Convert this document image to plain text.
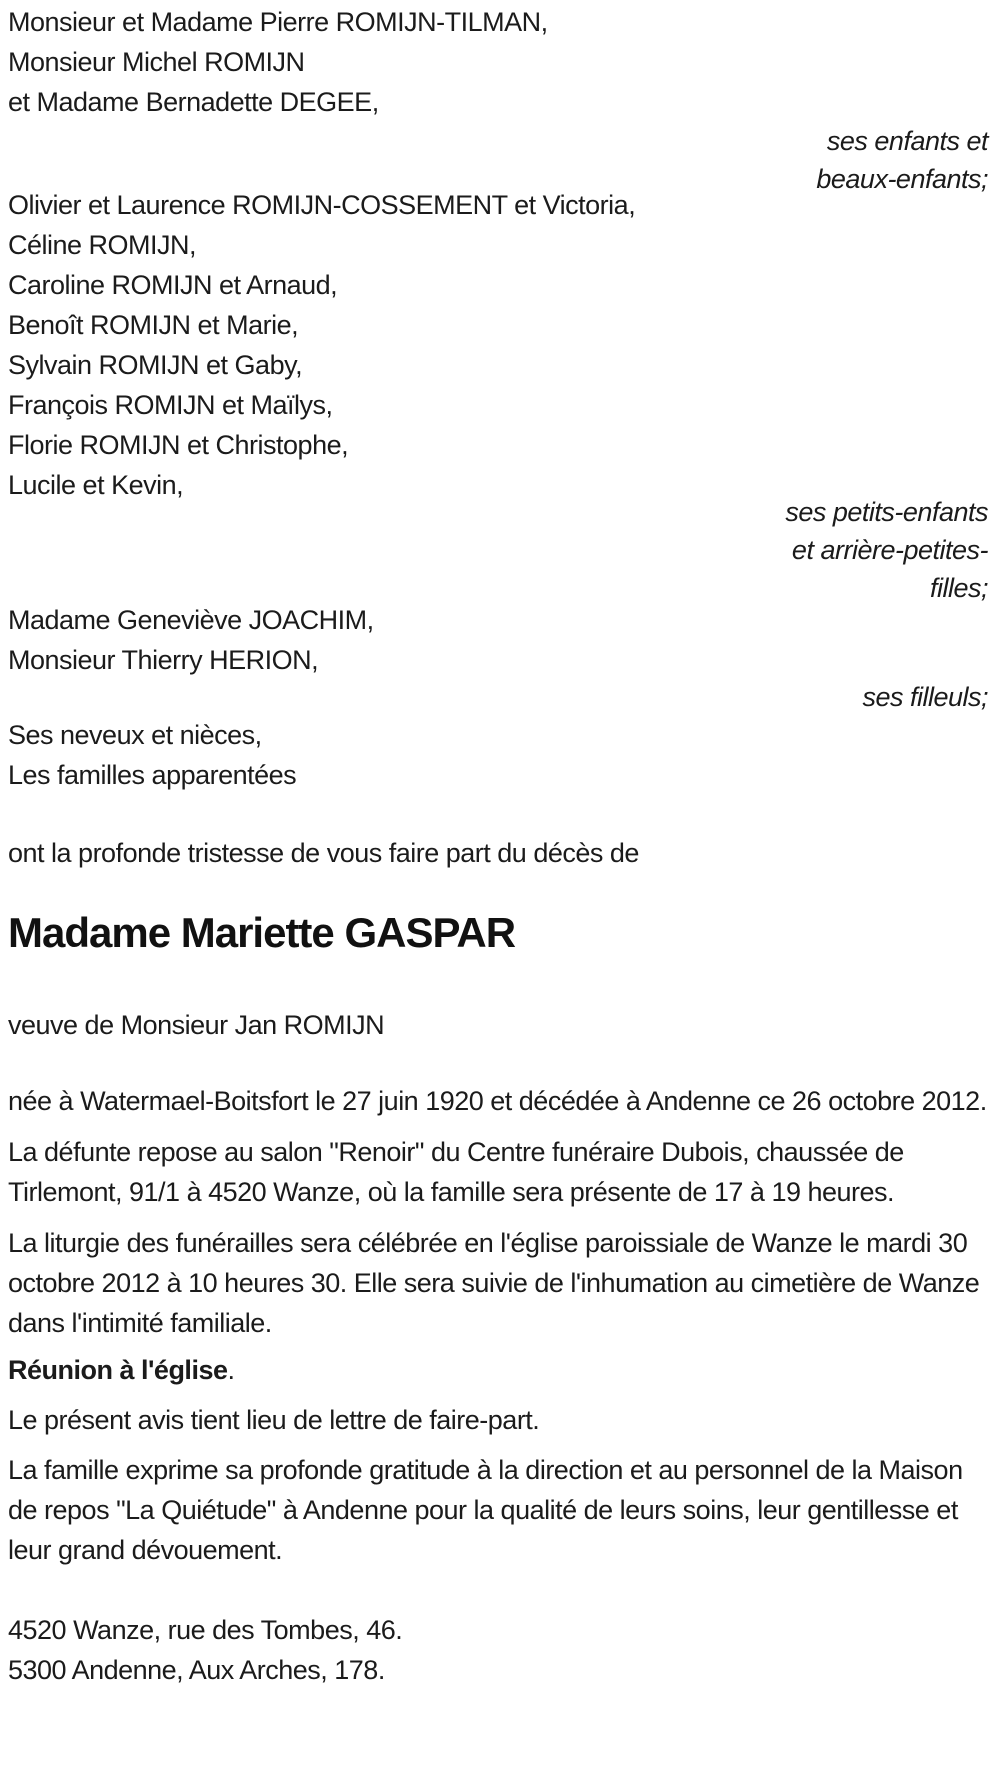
Monsieur et Madame Pierre ROMIJN-TILMAN,
Monsieur Michel ROMIJN
et Madame Bernadette DEGEE,
ses enfants et beaux-enfants;
Olivier et Laurence ROMIJN-COSSEMENT et Victoria,
Céline ROMIJN,
Caroline ROMIJN et Arnaud,
Benoît ROMIJN et Marie,
Sylvain ROMIJN et Gaby,
François ROMIJN et Maïlys,
Florie ROMIJN et Christophe,
Lucile et Kevin,
ses petits-enfants et arrière-petites-filles;
Madame Geneviève JOACHIM,
Monsieur Thierry HERION,
ses filleuls;
Ses neveux et nièces,
Les familles apparentées
ont la profonde tristesse de vous faire part du décès de
Madame Mariette GASPAR
veuve de Monsieur Jan ROMIJN
née à Watermael-Boitsfort le 27 juin 1920 et décédée à Andenne ce 26 octobre 2012.
La défunte repose au salon "Renoir" du Centre funéraire Dubois, chaussée de Tirlemont, 91/1 à 4520 Wanze, où la famille sera présente de 17 à 19 heures.
La liturgie des funérailles sera célébrée en l'église paroissiale de Wanze le mardi 30 octobre 2012 à 10 heures 30. Elle sera suivie de l'inhumation au cimetière de Wanze dans l'intimité familiale.
Réunion à l'église.
Le présent avis tient lieu de lettre de faire-part.
La famille exprime sa profonde gratitude à la direction et au personnel de la Maison de repos "La Quiétude" à Andenne pour la qualité de leurs soins, leur gentillesse et leur grand dévouement.
4520 Wanze, rue des Tombes, 46.
5300 Andenne, Aux Arches, 178.
